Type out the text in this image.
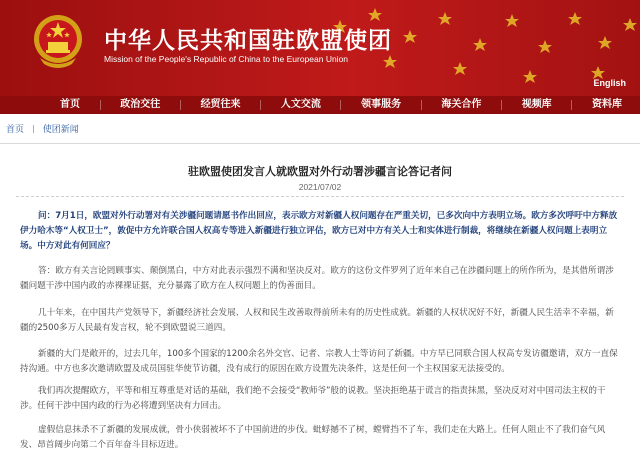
中华人民共和国驻欧盟使团
Mission of the People's Republic of China to the European Union
English
首页	政治交往	经贸往来	人文交流	领事服务	海关合作	视频库	资料库
首页 | 使团新闻
驻欧盟使团发言人就欧盟对外行动署涉疆言论答记者问
2021/07/02

问：7月1日，欧盟对外行动署对有关涉疆问题请愿书作出回应，表示欧方对新疆人权问题存在严重关切，已多次向中方表明立场。欧方多次呼吁中方释放伊力哈木等“人权卫士”，敦促中方允许联合国人权高专等进入新疆进行独立评估，欧方已对中方有关人士和实体进行制裁，将继续在新疆人权问题上表明立场。中方对此有何回应？

答：欧方有关言论罔顾事实、颠倒黑白，中方对此表示强烈不满和坚决反对。欧方的这份文件罗列了近年来自己在涉疆问题上的所作所为，是其借所谓涉疆问题干涉中国内政的赤裸裸证据，充分暴露了欧方在人权问题上的伪善面目。

几十年来，在中国共产党领导下，新疆经济社会发展、人权和民生改善取得前所未有的历史性成就。新疆的人权状况好不好，新疆人民生活幸不幸福，新疆的2500多万人民最有发言权，轮不到欧盟说三道四。

新疆的大门是敞开的，过去几年，100多个国家的1200余名外交官、记者、宗教人士等访问了新疆。中方早已同联合国人权高专发访疆邀请，双方一直保持沟通。中方也多次邀请欧盟及成员国驻华使节访疆，没有成行的原因在欧方设置先决条件，这是任何一个主权国家无法接受的。

我们再次提醒欧方，平等和相互尊重是对话的基础，我们绝不会接受“教师爷”般的说教。坚决拒绝基于谎言的指责抹黑，坚决反对对中国司法主权的干涉。任何干涉中国内政的行为必将遭到坚决有力回击。

虚假信息抹杀不了新疆的发展成就，骨小侠弱被坏不了中国前进的步伐。蚍蜉撼不了树，螳臂挡不了车，我们走在大路上。任何人阻止不了我们奋气风发、昂首阔步向第二个百年奋斗目标迈进。
